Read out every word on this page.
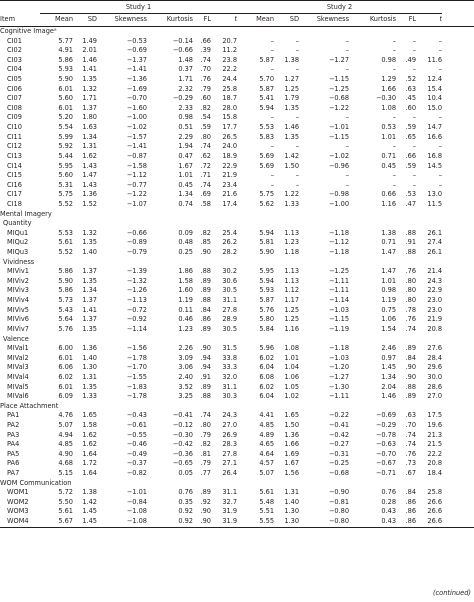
	Study 1						Study 2						
Item	Mean	SD	Skewness	Kurtosis	FL	t	Mean	SD	Skewness	Kurtosis	FL	t	
Cognitive Imageᵃ													
CI01	5.77	1.49	−0.53	−0.14	.66	20.7	–	–	–	–	–	–	
CI02	4.91	2.01	−0.69	−0.66	.39	11.2	–	–	–	–	–	–	
CI03	5.86	1.46	−1.37	1.48	.74	23.8	5.87	1.38	−1.27	0.98	.49	11.6	
CI04	5.93	1.41	−1.41	0.37	.70	22.2	–	–	–	–	–	–	
CI05	5.90	1.35	−1.36	1.71	.76	24.4	5.70	1.27	−1.15	1.29	.52	12.4	
CI06	6.01	1.32	−1.69	2.32	.79	25.8	5.87	1.25	−1.25	1.66	.63	15.4	
CI07	5.60	1.71	−0.70	−0.29	.60	18.7	5.41	1.79	−0.68	−0.30	.45	10.4	
CI08	6.01	1.37	−1.60	2.33	.82	28.0	5.94	1.35	−1.22	1.08	.60	15.0	
CI09	5.20	1.80	−1.00	0.98	.54	15.8	–	–	–	–	–	–	
CI10	5.54	1.63	−1.02	0.51	.59	17.7	5.53	1.46	−1.01	0.53	.59	14.7	
CI11	5.99	1.34	−1.57	2.29	.80	26.5	5.83	1.35	−1.15	1.01	.65	16.6	
CI12	5.92	1.31	−1.41	1.94	.74	24.0	–	–	–	–	–	–	
CI13	5.44	1.62	−0.87	0.47	.62	18.9	5.69	1.42	−1.02	0.71	.66	16.8	
CI14	5.95	1.43	−1.58	1.67	.72	22.9	5.69	1.50	−0.96	0.45	.59	14.5	
CI15	5.60	1.47	−1.12	1.01	.71	21.9	–	–	–	–	–	–	
CI16	5.31	1.43	−0.77	0.45	.74	23.4	–	–	–	–	–	–	
CI17	5.75	1.36	−1.22	1.34	.69	21.6	5.75	1.22	−0.98	0.66	.53	13.0	
CI18	5.52	1.52	−1.07	0.74	.58	17.4	5.62	1.33	−1.00	1.16	.47	11.5	
Mental Imagery													
Quantity													
MIQu1	5.53	1.32	−0.66	0.09	.82	25.4	5.94	1.13	−1.18	1.38	.88	26.1	
MIQu2	5.61	1.35	−0.89	0.48	.85	26.2	5.81	1.23	−1.12	0.71	.91	27.4	
MIQu3	5.52	1.40	−0.79	0.25	.90	28.2	5.90	1.18	−1.18	1.47	.88	26.1	
Vividness													
MIViv1	5.86	1.37	−1.39	1.86	.88	30.2	5.95	1.13	−1.25	1.47	.76	21.4	
MIViv2	5.90	1.35	−1.32	1.58	.89	30.6	5.94	1.13	−1.11	1.01	.80	24.3	
MIViv3	5.86	1.34	−1.26	1.60	.89	30.5	5.93	1.12	−1.11	0.98	.80	22.9	
MIViv4	5.73	1.37	−1.13	1.19	.88	31.1	5.87	1.17	−1.14	1.19	.80	23.0	
MIViv5	5.43	1.41	−0.72	0.11	.84	27.8	5.76	1.25	−1.03	0.75	.78	23.0	
MIViv6	5.64	1.37	−0.92	0.46	.86	28.9	5.80	1.25	−1.15	1.06	.76	21.9	
MIViv7	5.76	1.35	−1.14	1.23	.89	30.5	5.84	1.16	−1.19	1.54	.74	20.8	
Valence													
MIVal1	6.00	1.36	−1.56	2.26	.90	31.5	5.96	1.08	−1.18	2.46	.89	27.6	
MIVal2	6.01	1.40	−1.78	3.09	.94	33.8	6.02	1.01	−1.03	0.97	.84	28.4	
MIVal3	6.06	1.30	−1.70	3.06	.94	33.3	6.04	1.04	−1.20	1.45	.90	29.6	
MIVal4	6.02	1.31	−1.55	2.40	.91	32.0	6.08	1.06	−1.27	1.34	.90	30.0	
MIVal5	6.01	1.35	−1.83	3.52	.89	31.1	6.02	1.05	−1.30	2.04	.88	28.6	
MIVal6	6.09	1.33	−1.78	3.25	.88	30.3	6.04	1.02	−1.11	1.46	.89	27.0	
Place Attachment													
PA1	4.76	1.65	−0.43	−0.41	.74	24.3	4.41	1.65	−0.22	−0.69	.63	17.5	
PA2	5.07	1.58	−0.61	−0.12	.80	27.0	4.85	1.50	−0.41	−0.29	.70	19.6	
PA3	4.94	1.62	−0.55	−0.30	.79	26.9	4.89	1.36	−0.42	−0.78	.74	21.3	
PA4	4.85	1.62	−0.46	−0.42	.82	28.3	4.65	1.66	−0.27	−0.63	.74	21.5	
PA5	4.90	1.64	−0.49	−0.36	.81	27.8	4.64	1.69	−0.31	−0.70	.76	22.2	
PA6	4.68	1.72	−0.37	−0.65	.79	27.1	4.57	1.67	−0.25	−0.67	.73	20.8	
PA7	5.15	1.64	−0.82	0.05	.77	26.4	5.07	1.56	−0.68	−0.71	.67	18.4	
WOM Communication													
WOM1	5.72	1.38	−1.01	0.76	.89	31.1	5.61	1.31	−0.90	0.76	.84	25.8	
WOM2	5.50	1.42	−0.84	0.35	.92	32.7	5.48	1.40	−0.81	0.28	.86	26.6	
WOM3	5.61	1.45	−1.08	0.92	.90	31.9	5.51	1.30	−0.80	0.43	.86	26.6	
WOM4	5.67	1.45	−1.08	0.92	.90	31.9	5.55	1.30	−0.80	0.43	.86	26.6	
(continued)
